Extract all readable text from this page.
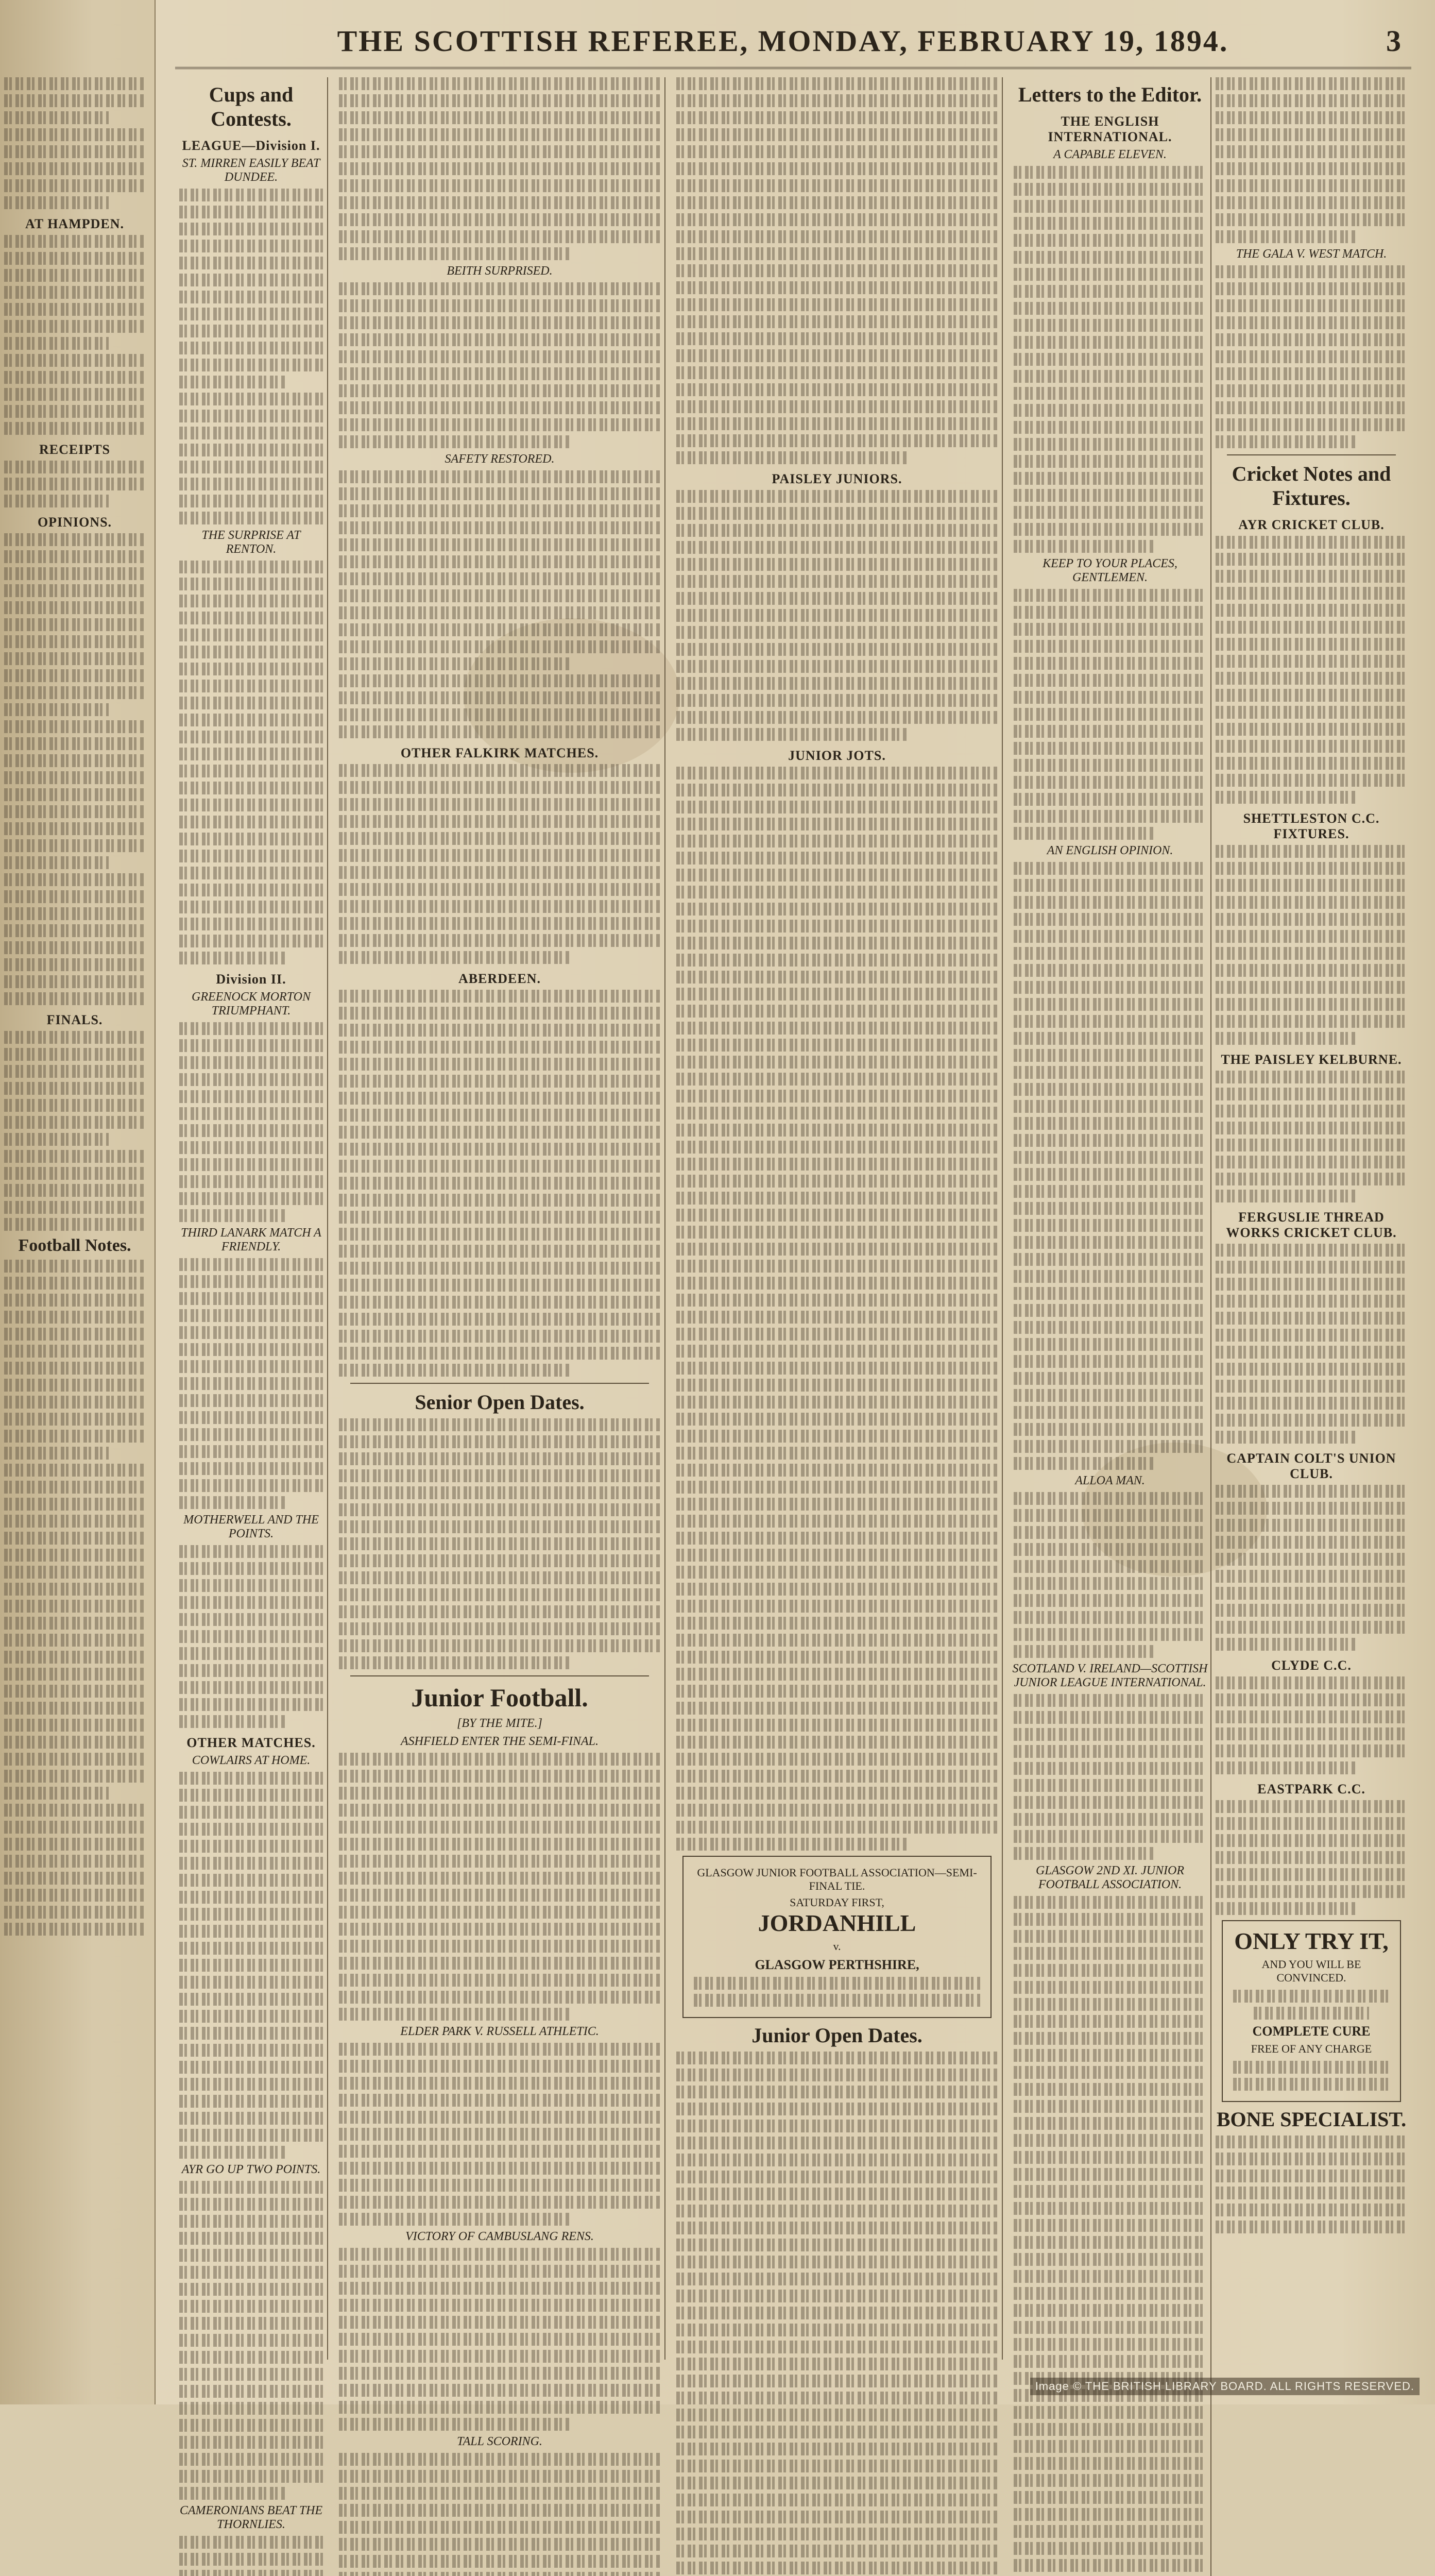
AT HAMPDEN.
RECEIPTS
OPINIONS.
FINALS.
Football Notes.
THE SCOTTISH REFEREE, MONDAY, FEBRUARY 19, 1894.	3
Cups and Contests.
LEAGUE—Division I.
ST. MIRREN EASILY BEAT DUNDEE.
THE SURPRISE AT RENTON.
Division II.
GREENOCK MORTON TRIUMPHANT.
THIRD LANARK MATCH A FRIENDLY.
MOTHERWELL AND THE POINTS.
OTHER MATCHES.
COWLAIRS AT HOME.
AYR GO UP TWO POINTS.
CAMERONIANS BEAT THE THORNLIES.
BEITH SURPRISED.
SAFETY RESTORED.
OTHER FALKIRK MATCHES.
ABERDEEN.
Senior Open Dates.
Junior Football.
[BY THE MITE.]
ASHFIELD ENTER THE SEMI-FINAL.
ELDER PARK V. RUSSELL ATHLETIC.
VICTORY OF CAMBUSLANG RENS.
TALL SCORING.
PAISLEY JUNIORS.
JUNIOR JOTS.
GLASGOW JUNIOR FOOTBALL ASSOCIATION—SEMI-FINAL TIE.
SATURDAY FIRST,
JORDANHILL
v.
GLASGOW PERTHSHIRE,
Junior Open Dates.
Letters to the Editor.
THE ENGLISH INTERNATIONAL.
A CAPABLE ELEVEN.
KEEP TO YOUR PLACES, GENTLEMEN.
AN ENGLISH OPINION.
ALLOA MAN.
SCOTLAND V. IRELAND—SCOTTISH JUNIOR LEAGUE INTERNATIONAL.
GLASGOW 2ND XI. JUNIOR FOOTBALL ASSOCIATION.
THE GALA V. WEST MATCH.
Cricket Notes and Fixtures.
AYR CRICKET CLUB.
SHETTLESTON C.C. FIXTURES.
THE PAISLEY KELBURNE.
FERGUSLIE THREAD WORKS CRICKET CLUB.
CAPTAIN COLT'S UNION CLUB.
CLYDE C.C.
EASTPARK C.C.
ONLY TRY IT,
AND YOU WILL BE CONVINCED.
COMPLETE CURE
FREE OF ANY CHARGE
BONE SPECIALIST.
Image © THE BRITISH LIBRARY BOARD. ALL RIGHTS RESERVED.
